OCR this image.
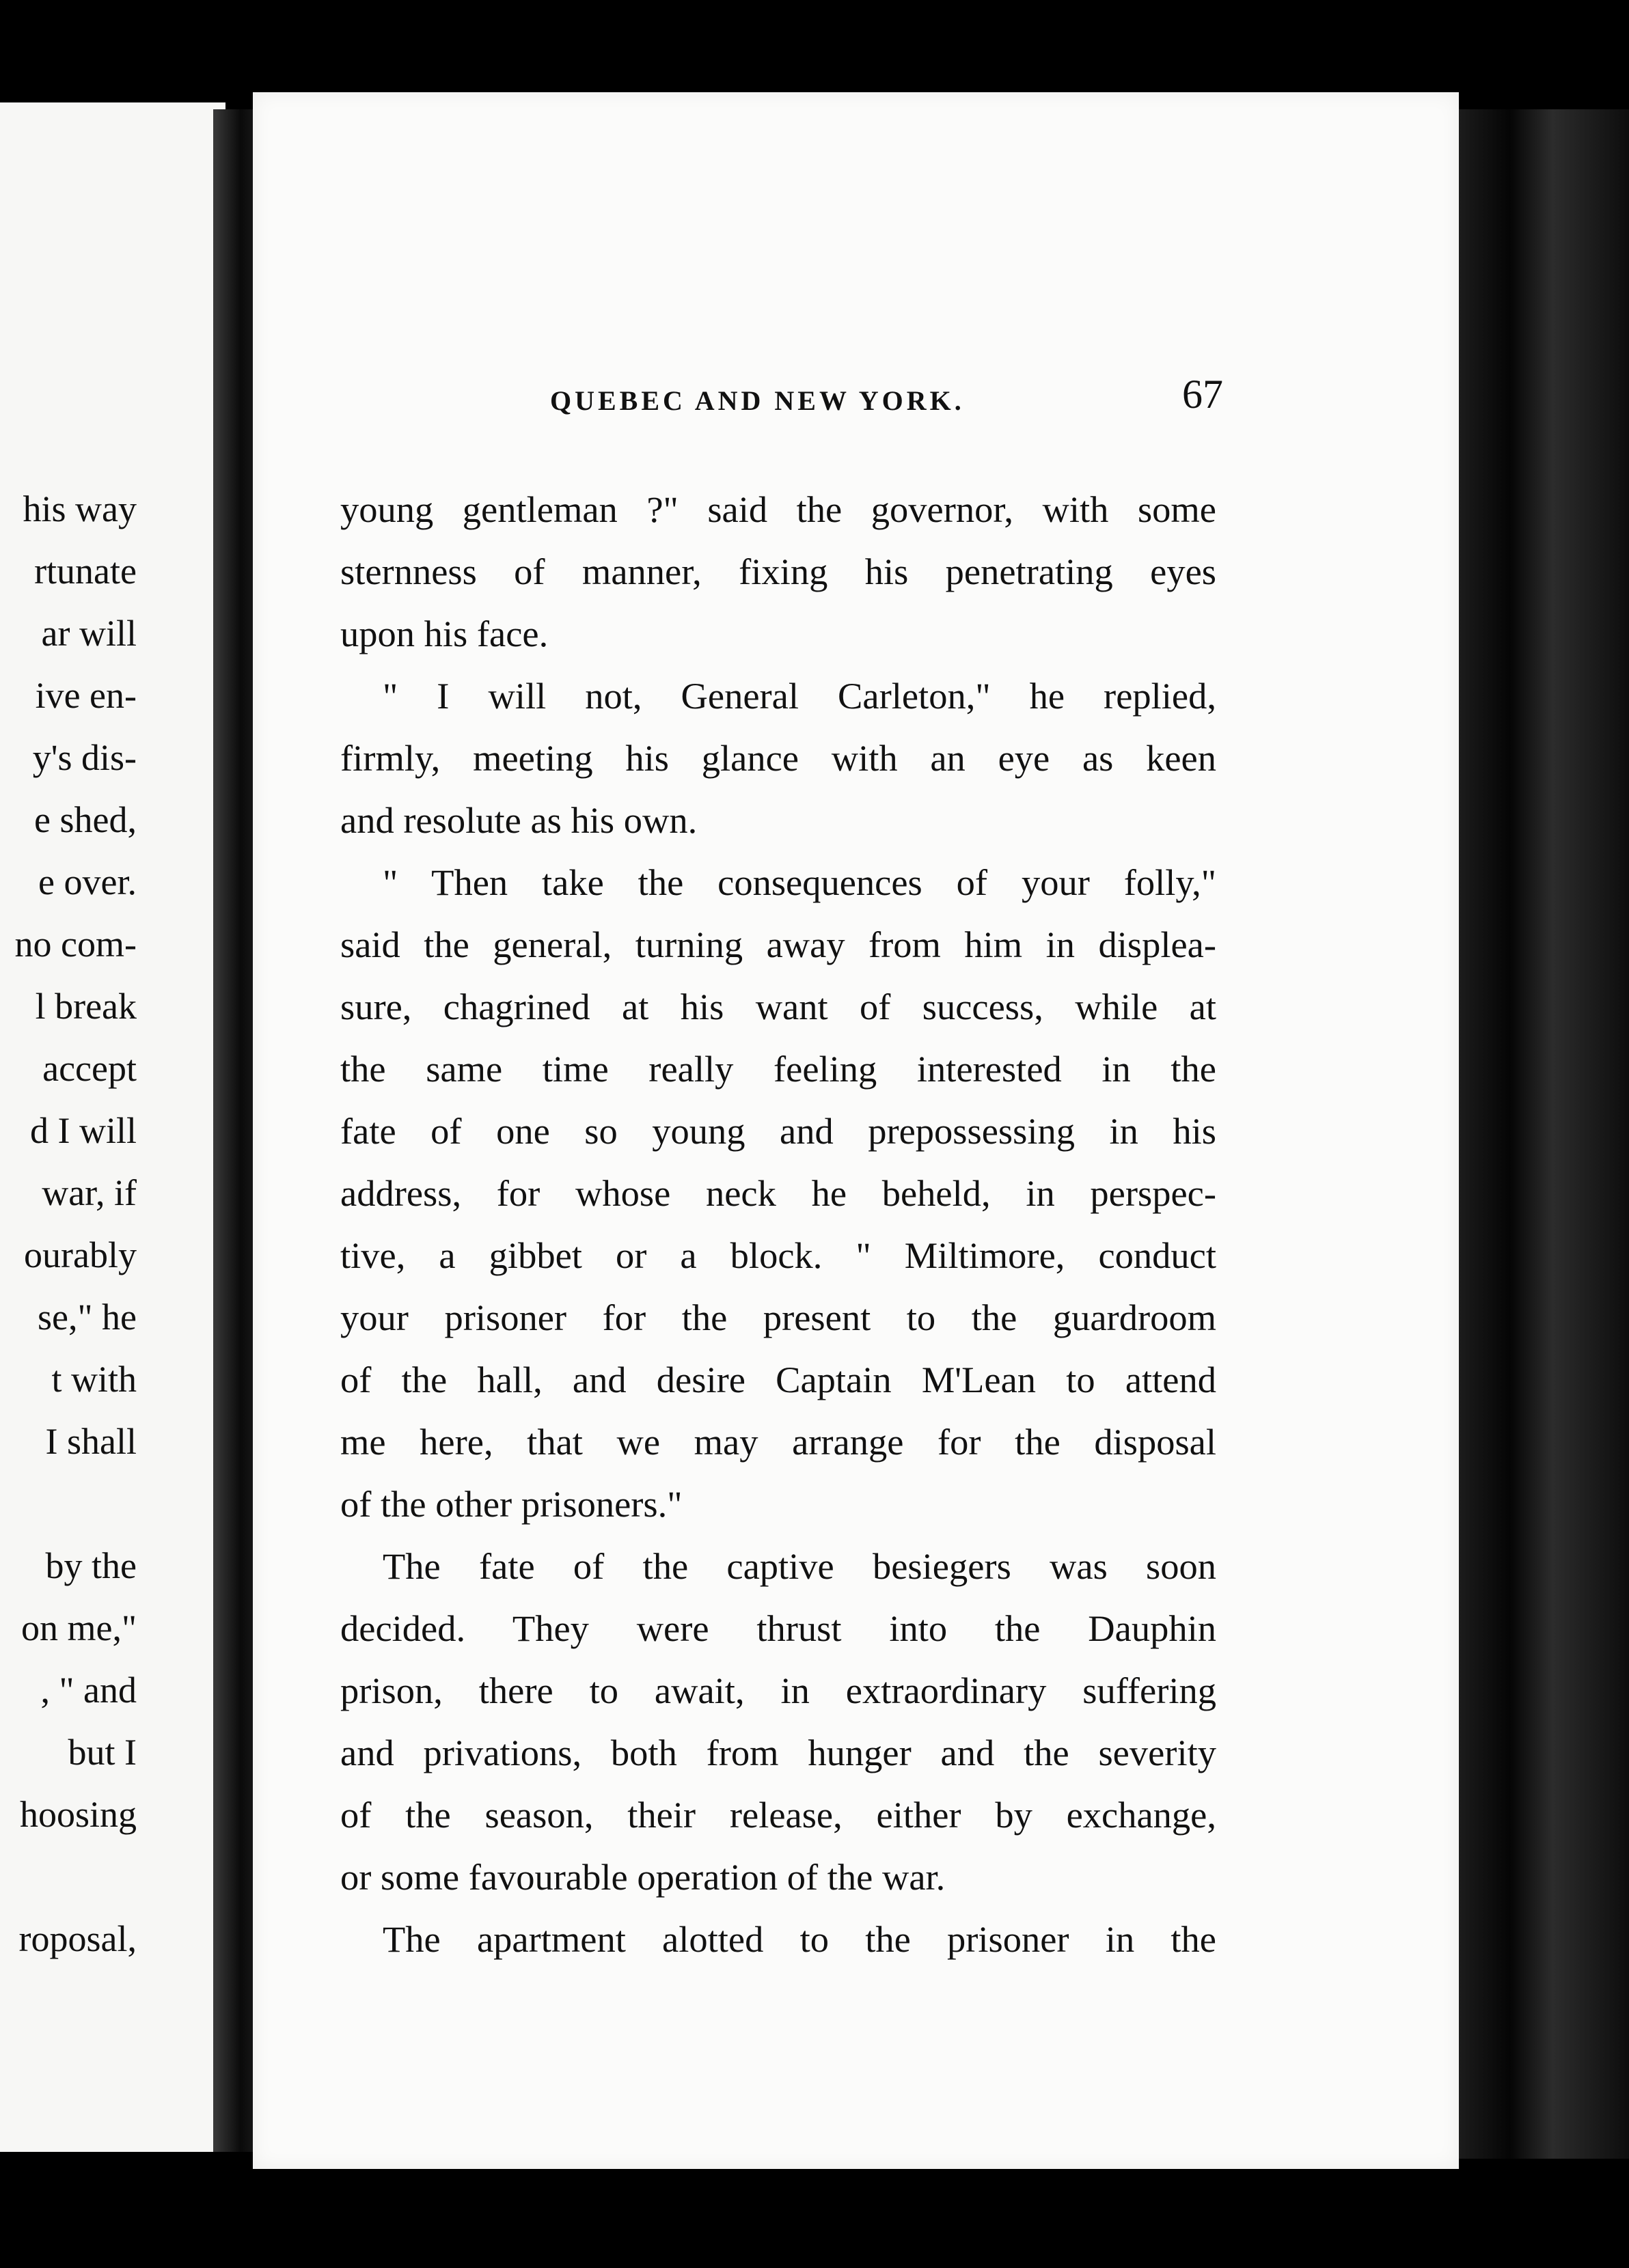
his way
rtunate
ar will
ive en-
y's dis-
e shed,
e over.
no com-
l break
accept
d I will
war, if
ourably
se," he
t with
I shall
by the
on me,"
, " and
but I
hoosing
roposal,
QUEBEC AND NEW YORK.	67
young gentleman ?" said the governor, with some
sternness of manner, fixing his penetrating eyes
upon his face.
" I will not, General Carleton," he replied,
firmly, meeting his glance with an eye as keen
and resolute as his own.
" Then take the consequences of your folly,"
said the general, turning away from him in displea-
sure, chagrined at his want of success, while at
the same time really feeling interested in the
fate of one so young and prepossessing in his
address, for whose neck he beheld, in perspec-
tive, a gibbet or a block. " Miltimore, conduct
your prisoner for the present to the guardroom
of the hall, and desire Captain M'Lean to attend
me here, that we may arrange for the disposal
of the other prisoners."
The fate of the captive besiegers was soon
decided. They were thrust into the Dauphin
prison, there to await, in extraordinary suffering
and privations, both from hunger and the severity
of the season, their release, either by exchange,
or some favourable operation of the war.
The apartment alotted to the prisoner in the
